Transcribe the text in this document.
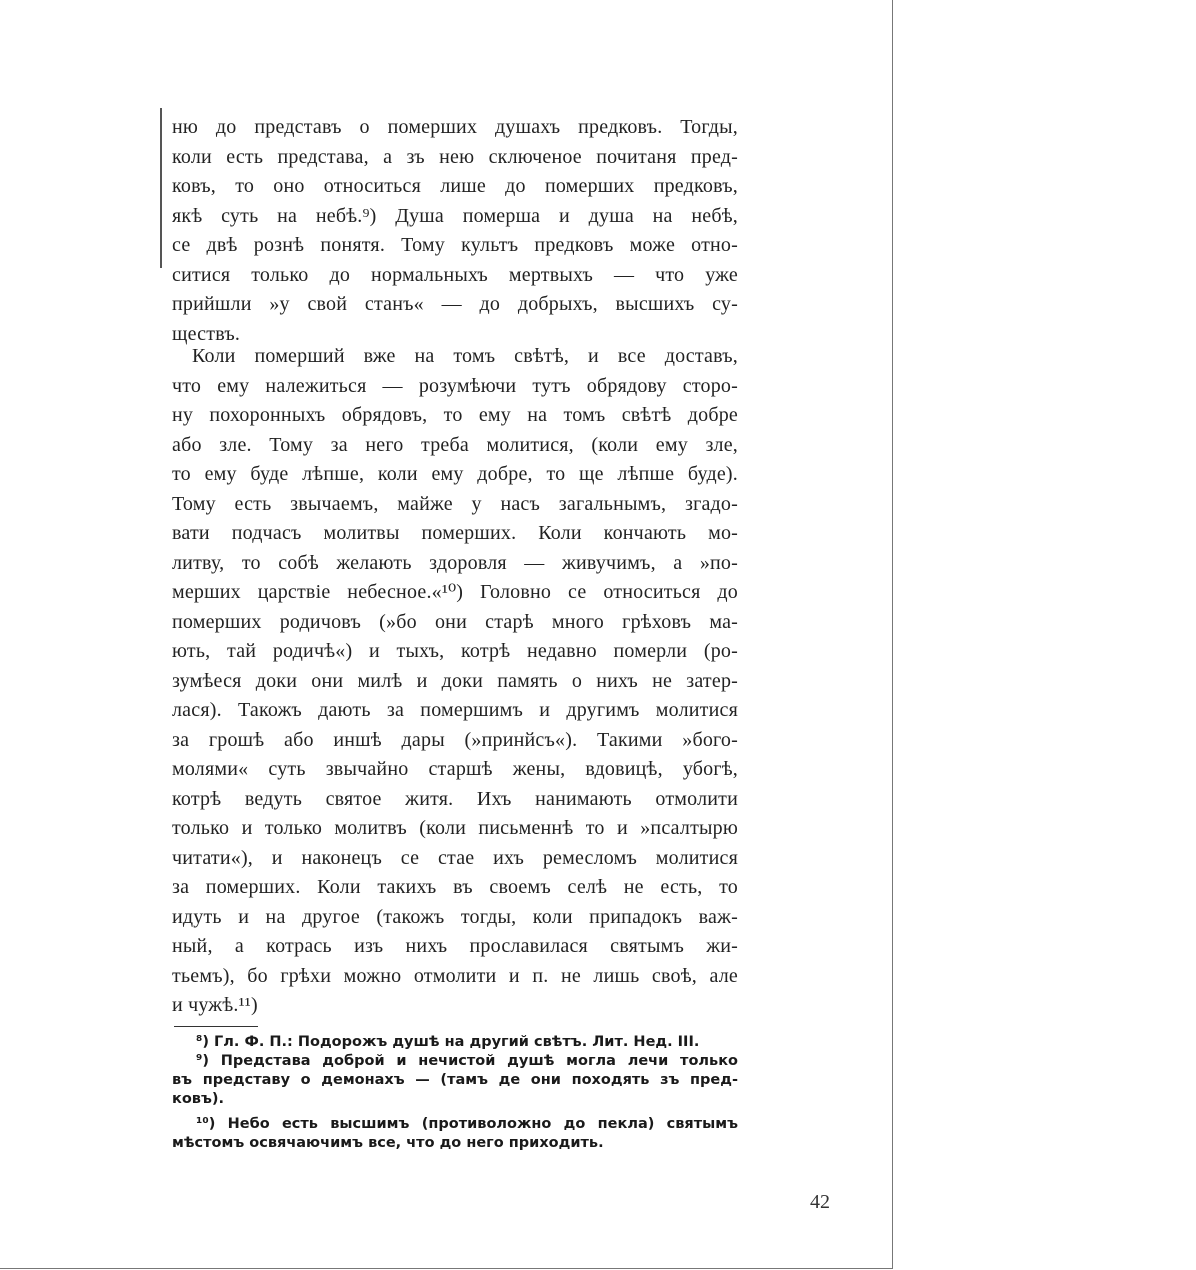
ню до представъ о померших душахъ предковъ. Тогды,
коли есть представа, а зъ нею сключеное почитаня пред-
ковъ, то оно относиться лише до померших предковъ,
якѣ суть на небѣ.⁹) Душа померша и душа на небѣ,
се двѣ рознѣ понятя. Тому культъ предковъ може отно-
ситися только до нормальныхъ мертвыхъ — что уже
прийшли »у свой станъ« — до добрыхъ, высшихъ су-
ществъ.
Коли померший вже на томъ свѣтѣ, и все доставъ,
что ему належиться — розумѣючи тутъ обрядову сторо-
ну похоронныхъ обрядовъ, то ему на томъ свѣтѣ добре
або зле. Тому за него треба молитися, (коли ему зле,
то ему буде лѣпше, коли ему добре, то ще лѣпше буде).
Тому есть звычаемъ, майже у насъ загальнымъ, згадо-
вати подчасъ молитвы померших. Коли кончають мо-
литву, то собѣ желають здоровля — живучимъ, а »по-
мерших царствіе небесное.«¹⁰) Головно се относиться до
померших родичовъ (»бо они старѣ много грѣховъ ма-
ють, тай родичѣ«) и тыхъ, котрѣ недавно померли (ро-
зумѣеся доки они милѣ и доки память о нихъ не затер-
лася). Такожъ дають за помершимъ и другимъ молитися
за грошѣ або иншѣ дары (»принйсъ«). Такими »бого-
молями« суть звычайно старшѣ жены, вдовицѣ, убогѣ,
котрѣ ведуть святое житя. Ихъ нанимають отмолити
только и только молитвъ (коли письменнѣ то и »псалтырю
читати«), и наконецъ се стае ихъ ремесломъ молитися
за померших. Коли такихъ въ своемъ селѣ не есть, то
идуть и на другое (такожъ тогды, коли припадокъ важ-
ный, а котрась изъ нихъ прославилася святымъ жи-
тьемъ), бо грѣхи можно отмолити и п. не лишь своѣ, але
и чужѣ.¹¹)
⁸) Гл. Ф. П.: Подорожъ душѣ на другий свѣтъ. Лит. Нед. III.
⁹) Представа доброй и нечистой душѣ могла лечи только
въ представу о демонахъ — (тамъ де они походять зъ пред-
ковъ).
¹⁰) Небо есть высшимъ (противоложно до пекла) святымъ
мѣстомъ освячаючимъ все, что до него приходить.
42
